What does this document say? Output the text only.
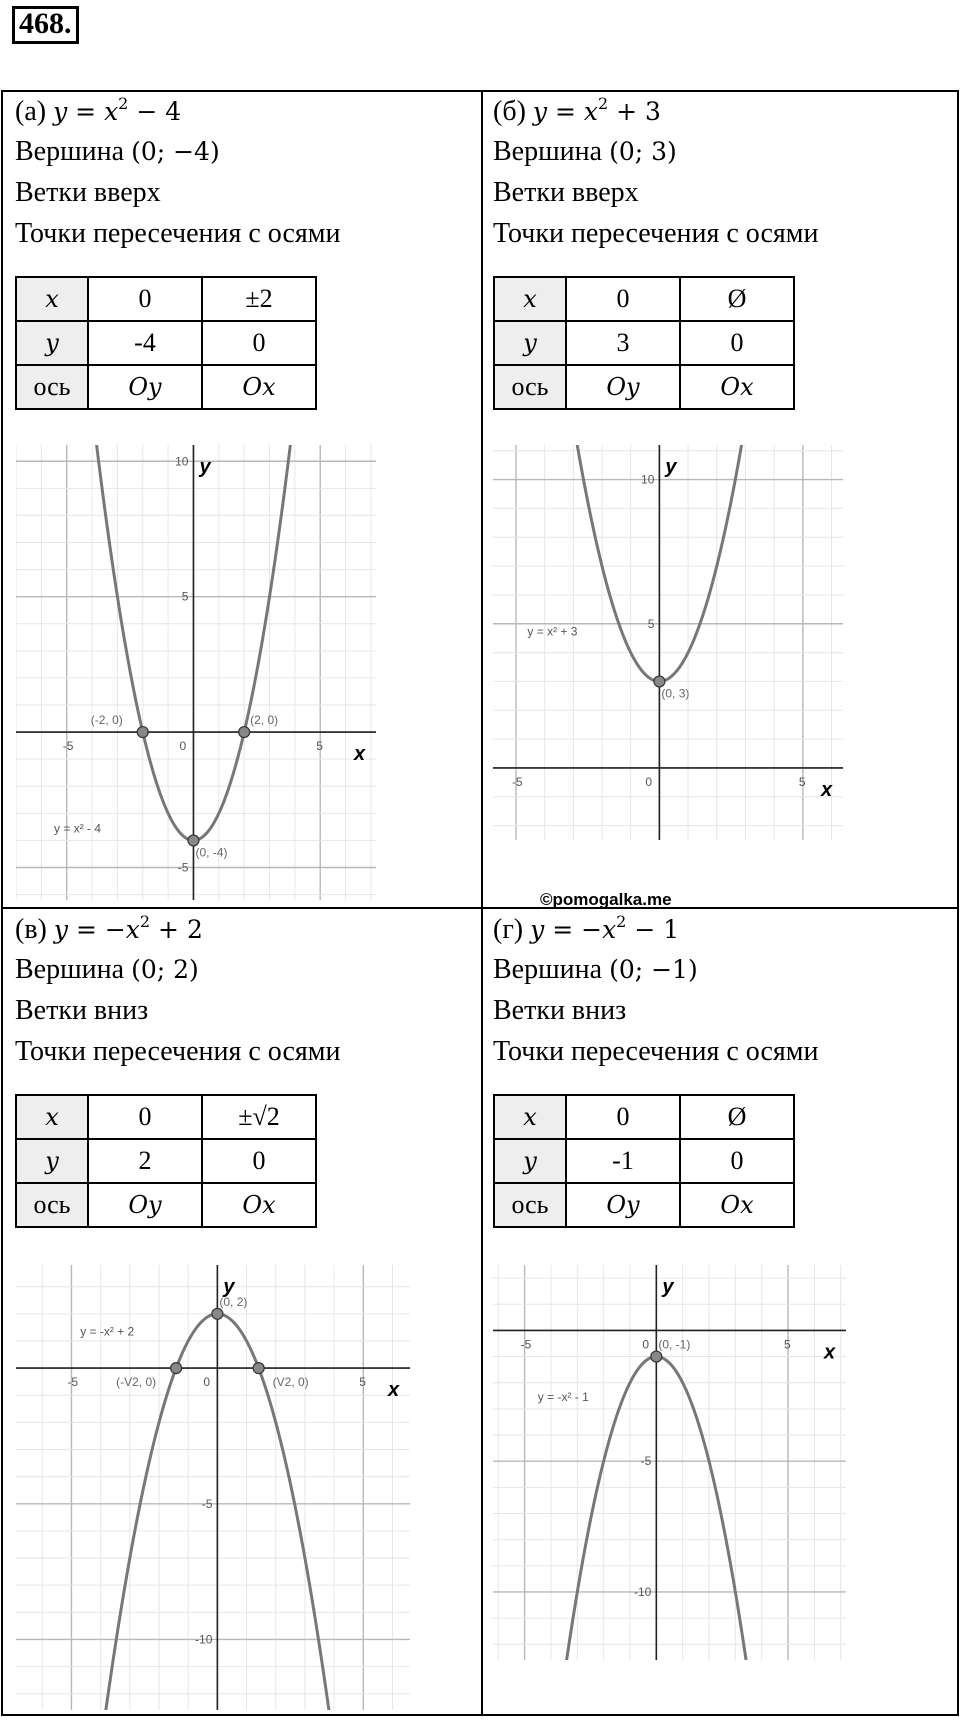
468.
©pomogalka.me
(а) $y = x^2 - 4$
Вершина (0; −4)
Ветки вверх
Точки пересечения с осями
x	0	±2
y	-4	0
ось	Oy	Ox
-5	0	5
10
5
-5
x
y
y = x² - 4
(-2, 0)	(2, 0)
(0, -4)
(б) $y = x^2 + 3$
Вершина (0; 3)
Ветки вверх
Точки пересечения с осями
x	0	Ø
y	3	0
ось	Oy	Ox
-5	0	5
10
5
x
y
y = x² + 3
(0, 3)
(в) $y = -x^2 + 2$
Вершина (0; 2)
Ветки вниз
Точки пересечения с осями
x	0	±√2
y	2	0
ось	Oy	Ox
-5	0	5
-5
-10
x
y
y = -x² + 2
(0, 2)
(-V2, 0)	(V2, 0)
(г) $y = -x^2 - 1$
Вершина (0; −1)
Ветки вниз
Точки пересечения с осями
x	0	Ø
y	-1	0
ось	Oy	Ox
-5	0	5
-5
-10
x
y
y = -x² - 1
(0, -1)
